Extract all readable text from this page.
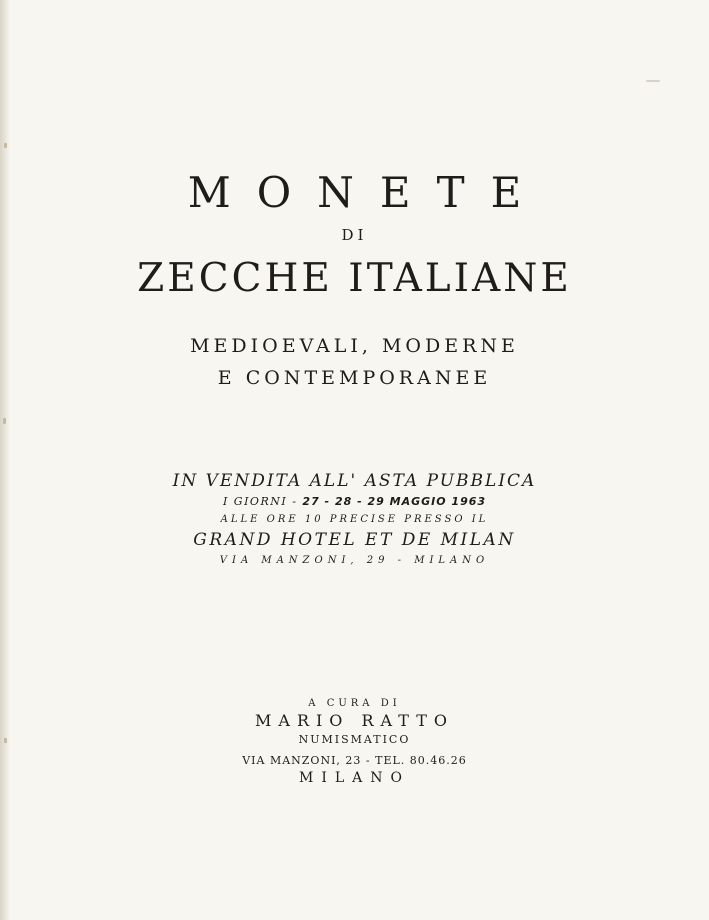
MONETE
DI
ZECCHE ITALIANE
MEDIOEVALI, MODERNE
E CONTEMPORANEE
IN VENDITA ALL' ASTA PUBBLICA
I GIORNI - 27 - 28 - 29 MAGGIO 1963
ALLE ORE 10 PRECISE PRESSO IL
GRAND HOTEL ET DE MILAN
VIA MANZONI, 29 - MILANO
A CURA DI
MARIO RATTO
NUMISMATICO
VIA MANZONI, 23 - TEL. 80.46.26
MILANO
